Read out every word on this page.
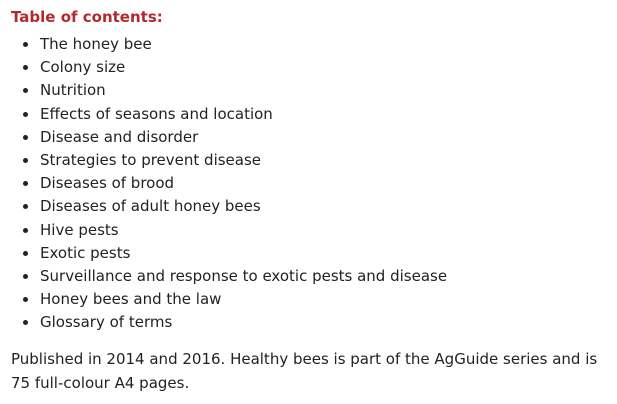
Table of contents:
The honey bee
Colony size
Nutrition
Effects of seasons and location
Disease and disorder
Strategies to prevent disease
Diseases of brood
Diseases of adult honey bees
Hive pests
Exotic pests
Surveillance and response to exotic pests and disease
Honey bees and the law
Glossary of terms

Published in 2014 and 2016. Healthy bees is part of the AgGuide series and is 75 full-colour A4 pages.
